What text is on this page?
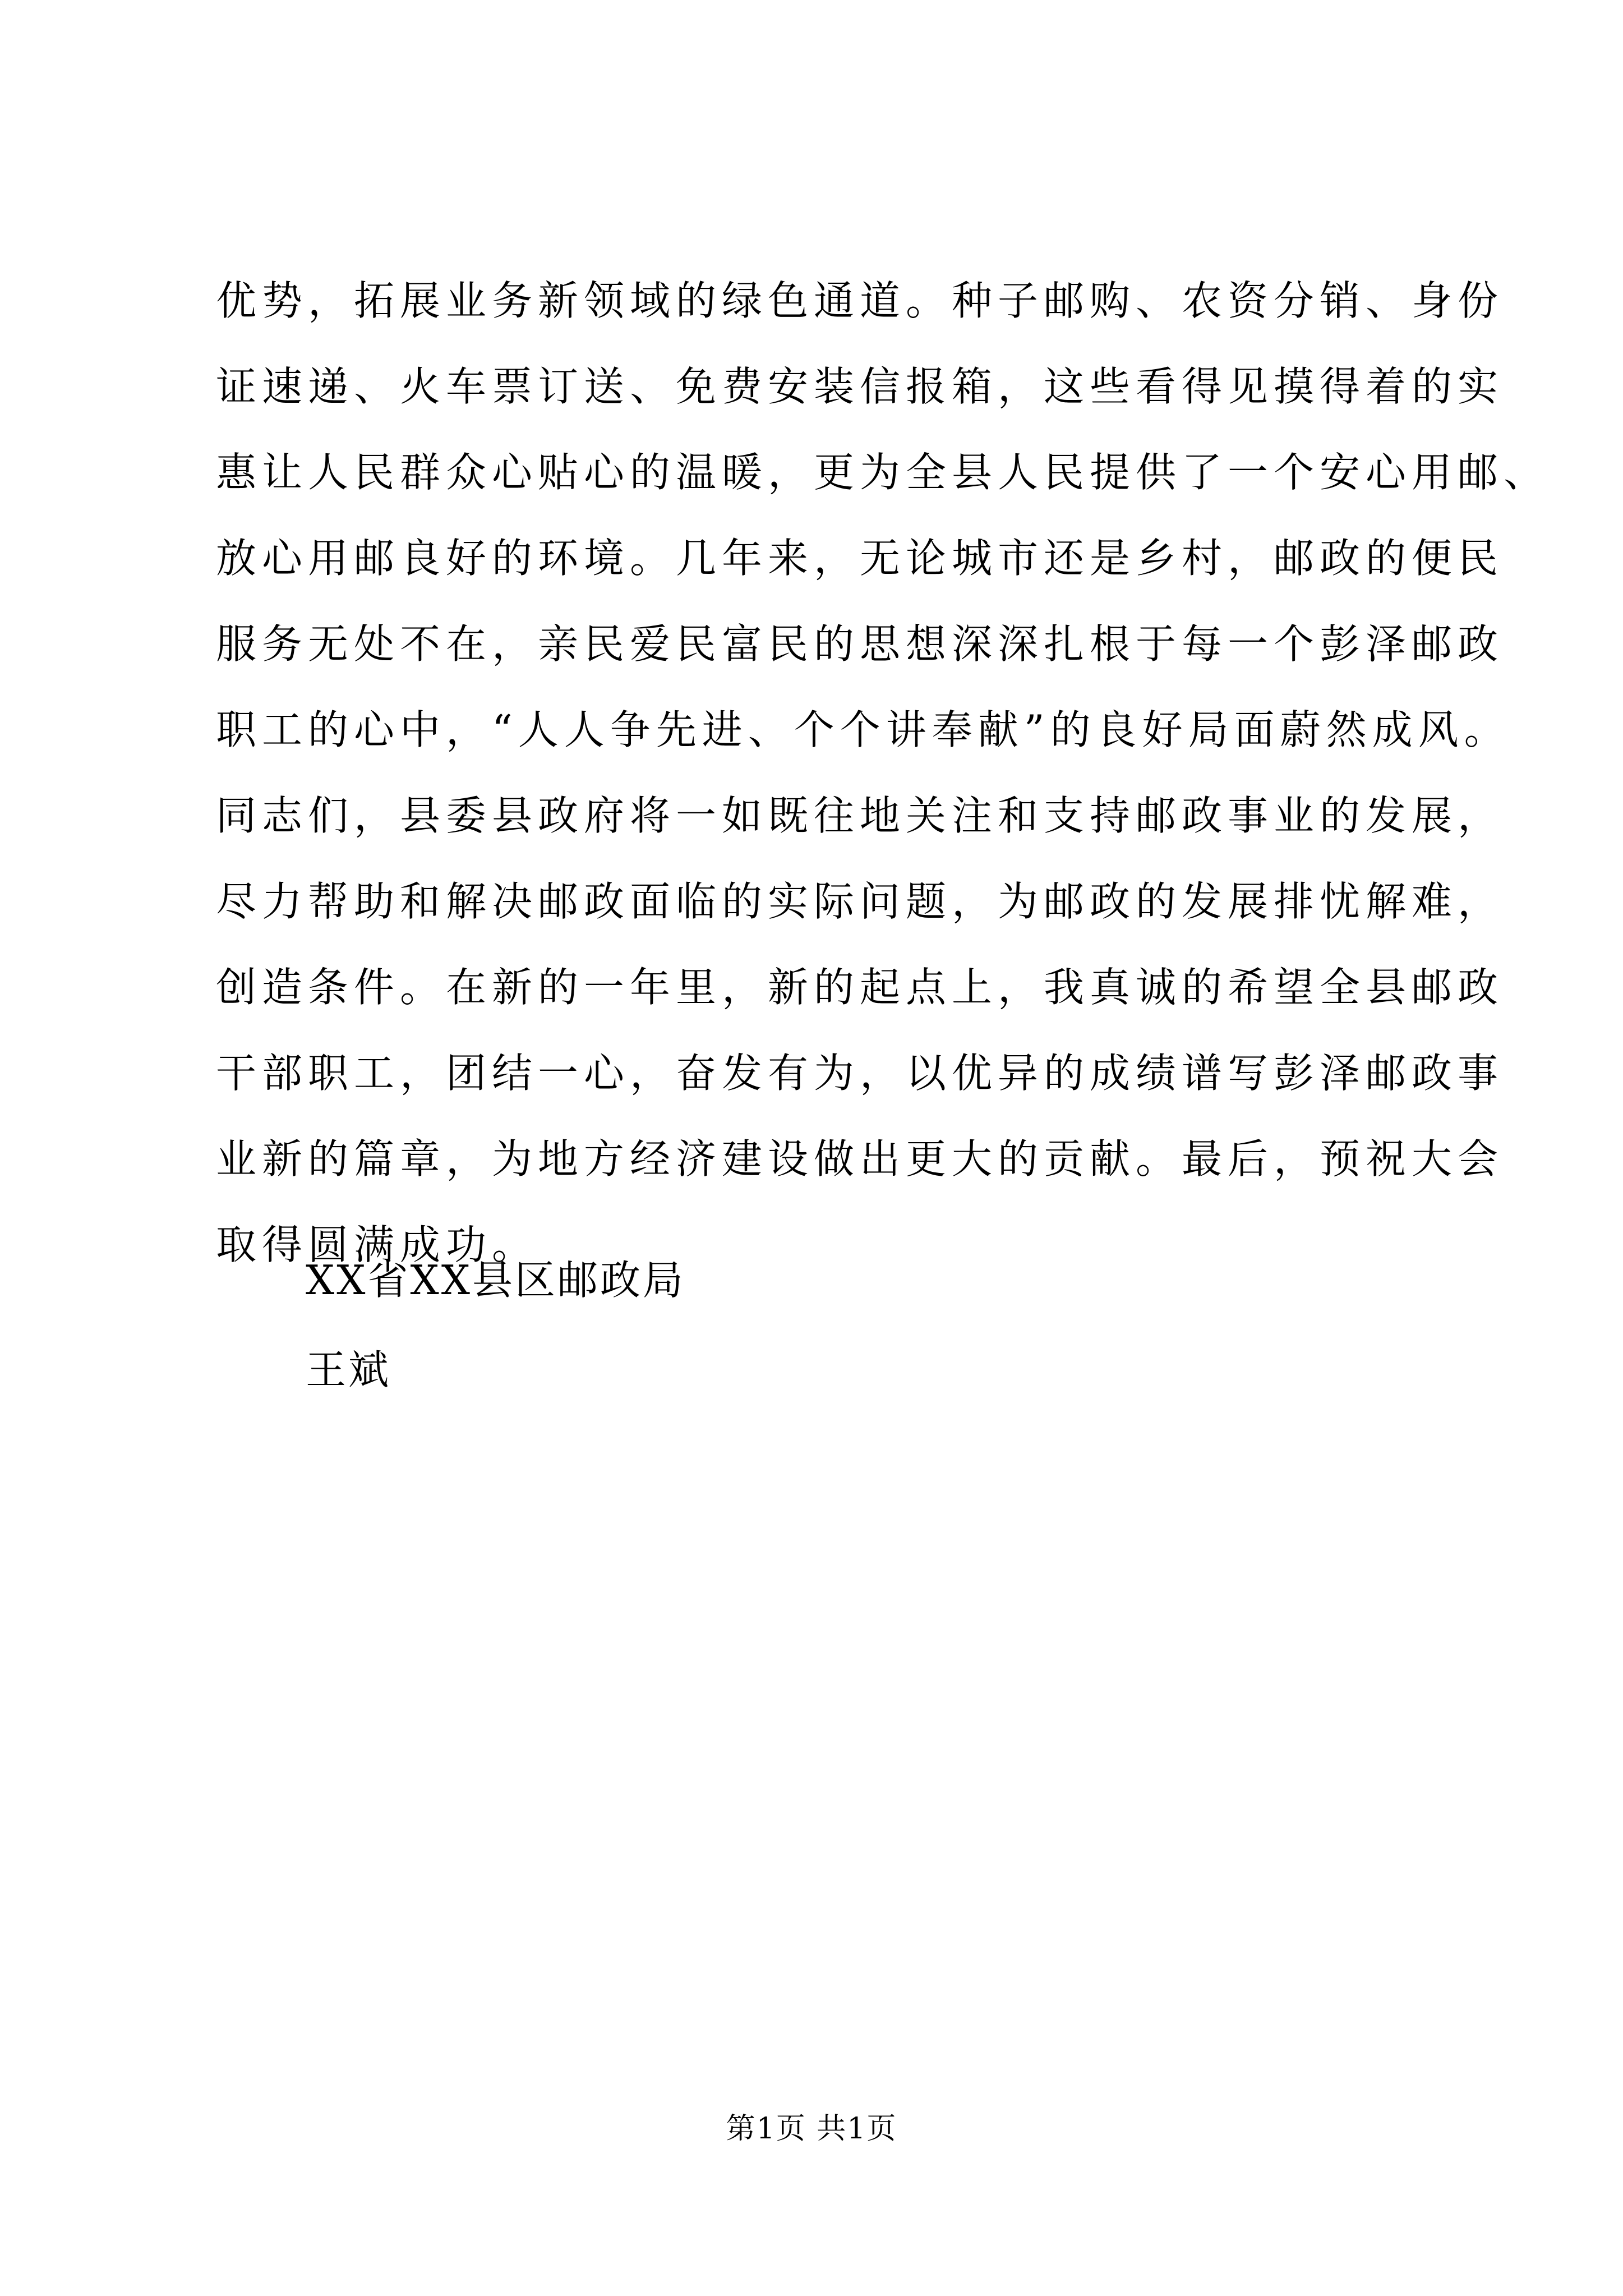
优势，拓展业务新领域的绿色通道。种子邮购、农资分销、身份
证速递、火车票订送、免费安装信报箱，这些看得见摸得着的实
惠让人民群众心贴心的温暖，更为全县人民提供了一个安心用邮、
放心用邮良好的环境。几年来，无论城市还是乡村，邮政的便民
服务无处不在，亲民爱民富民的思想深深扎根于每一个彭泽邮政
职工的心中，“人人争先进、个个讲奉献”的良好局面蔚然成风。
同志们，县委县政府将一如既往地关注和支持邮政事业的发展，
尽力帮助和解决邮政面临的实际问题，为邮政的发展排忧解难，
创造条件。在新的一年里，新的起点上，我真诚的希望全县邮政
干部职工，团结一心，奋发有为，以优异的成绩谱写彭泽邮政事
业新的篇章，为地方经济建设做出更大的贡献。最后，预祝大会
取得圆满成功。
XX省XX县区邮政局
王斌
第1页 共1页
